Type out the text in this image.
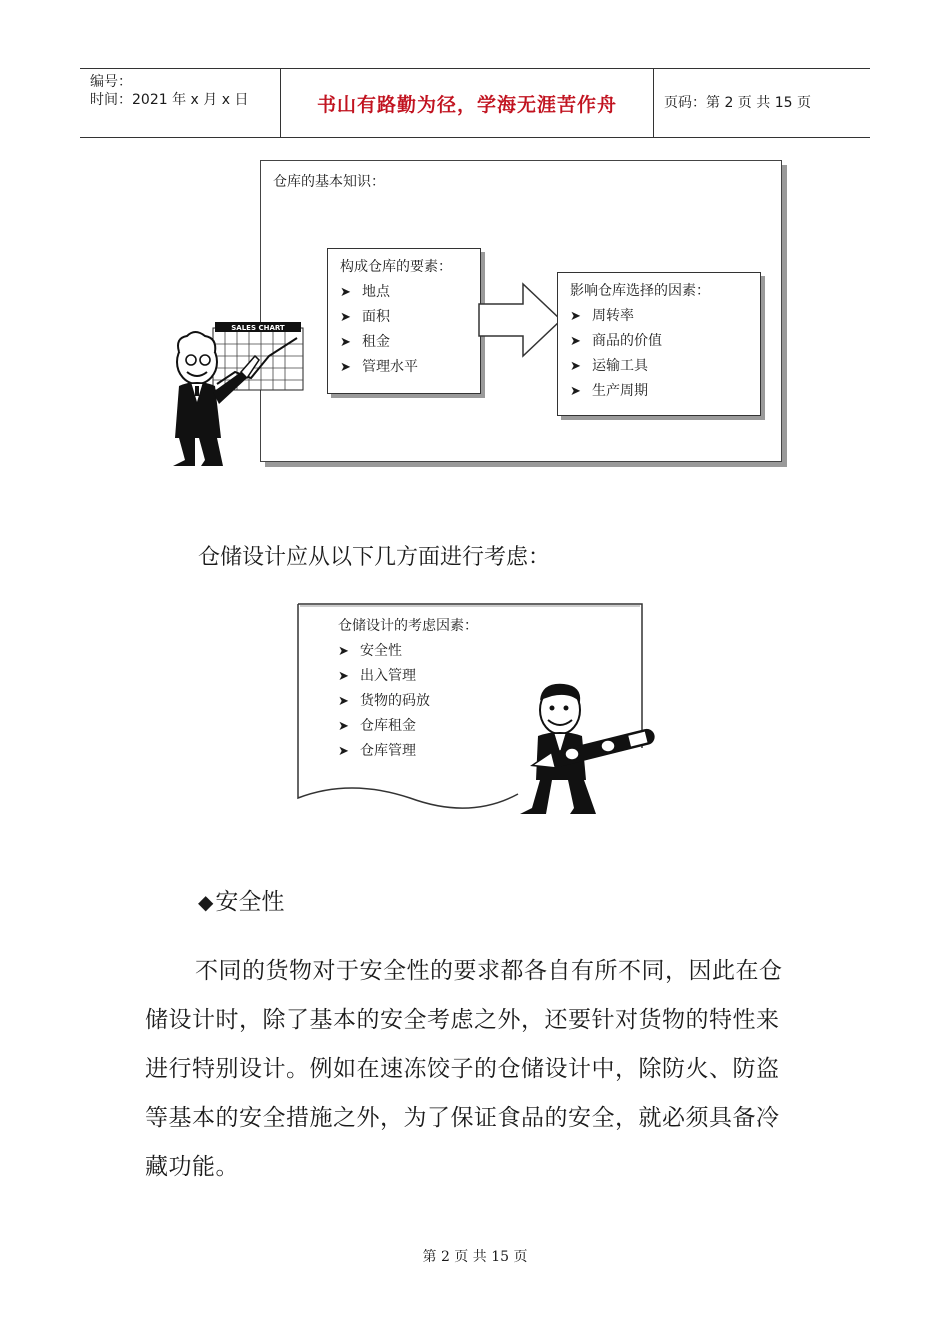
编号：
时间：2021 年 x 月 x 日	书山有路勤为径，学海无涯苦作舟	页码：第 2 页 共 15 页
仓库的基本知识：
构成仓库的要素：
➤ 地点
➤ 面积
➤ 租金
➤ 管理水平
影响仓库选择的因素：
➤ 周转率
➤ 商品的价值
➤ 运输工具
➤ 生产周期
SALES CHART
仓储设计应从以下几方面进行考虑：
仓储设计的考虑因素：
➤ 安全性
➤ 出入管理
➤ 货物的码放
➤ 仓库租金
➤ 仓库管理
◆安全性

不同的货物对于安全性的要求都各自有所不同，因此在仓储设计时，除了基本的安全考虑之外，还要针对货物的特性来进行特别设计。例如在速冻饺子的仓储设计中，除防火、防盗等基本的安全措施之外，为了保证食品的安全，就必须具备冷藏功能。

第 2 页 共 15 页
